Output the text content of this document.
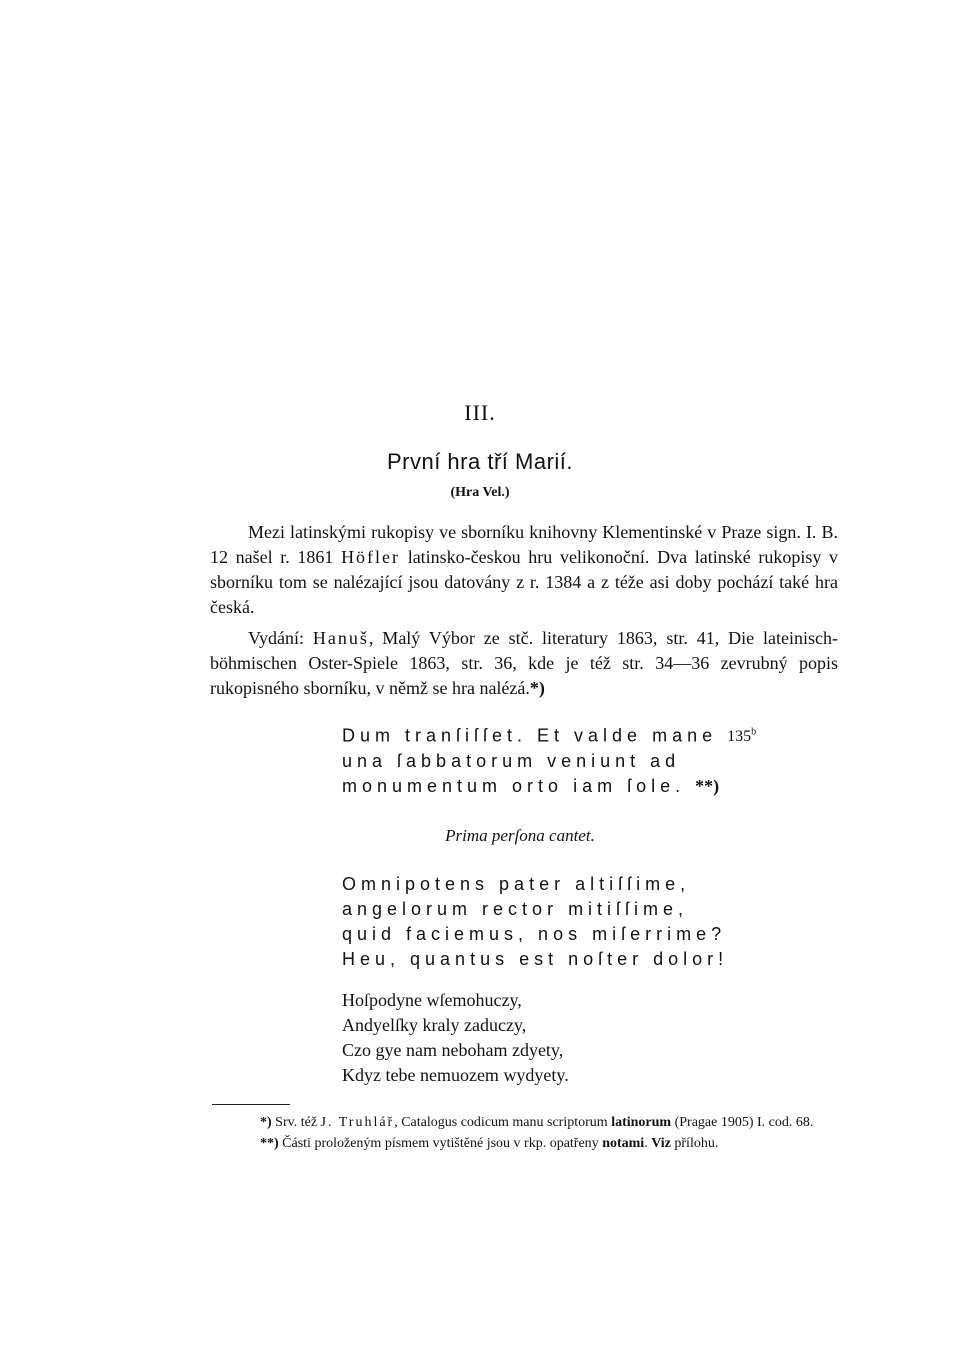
III.
První hra tří Marií.
(Hra Vel.)

Mezi latinskými rukopisy ve sborníku knihovny Klementinské v Praze sign. I. B. 12 našel r. 1861 Höfler latinsko-českou hru velikonoční. Dva latinské rukopisy v sborníku tom se nalézající jsou datovány z r. 1384 a z téže asi doby pochází také hra česká.

Vydání: Hanuš, Malý Výbor ze stč. literatury 1863, str. 41, Die lateinisch-böhmischen Oster-Spiele 1863, str. 36, kde je též str. 34—36 zevrubný popis rukopisného sborníku, v němž se hra nalézá.*)

Dum tranſiſſet. Et valde mane 135$^b$
una ſabbatorum veniunt ad
monumentum orto iam ſole. **)
Prima perſona cantet.
Omnipotens pater altiſſime,
angelorum rector mitiſſime,
quid faciemus, nos miſerrime?
Heu, quantus est noſter dolor!
Hoſpodyne wſemohuczy,
Andyelſky kraly zaduczy,
Czo gye nam neboham zdyety,
Kdyz tebe nemuozem wydyety.

*) Srv. též J. Truhlář, Catalogus codicum manu scriptorum latinorum (Pragae 1905) I. cod. 68.

**) Části proloženým písmem vytištěné jsou v rkp. opatřeny notami. Viz přílohu.
